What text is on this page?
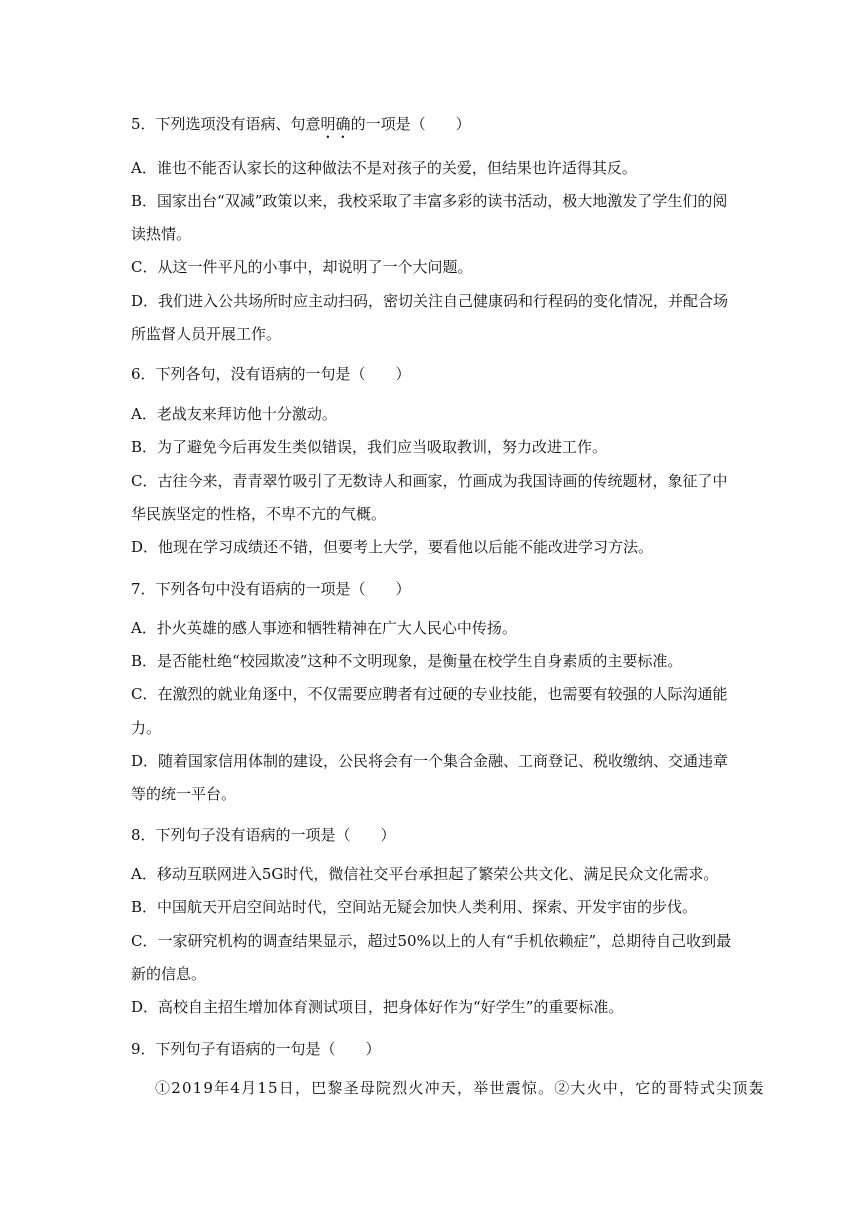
5．下列选项没有语病、句意明确的一项是（　　）
A．谁也不能否认家长的这种做法不是对孩子的关爱，但结果也许适得其反。
B．国家出台“双减”政策以来，我校采取了丰富多彩的读书活动，极大地激发了学生们的阅
读热情。
C．从这一件平凡的小事中，却说明了一个大问题。
D．我们进入公共场所时应主动扫码，密切关注自己健康码和行程码的变化情况，并配合场
所监督人员开展工作。
6．下列各句，没有语病的一句是（　　）
A．老战友来拜访他十分激动。
B．为了避免今后再发生类似错误，我们应当吸取教训，努力改进工作。
C．古往今来，青青翠竹吸引了无数诗人和画家，竹画成为我国诗画的传统题材，象征了中
华民族坚定的性格，不卑不亢的气概。
D．他现在学习成绩还不错，但要考上大学，要看他以后能不能改进学习方法。
7．下列各句中没有语病的一项是（　　）
A．扑火英雄的感人事迹和牺牲精神在广大人民心中传扬。
B．是否能杜绝“校园欺凌”这种不文明现象，是衡量在校学生自身素质的主要标准。
C．在激烈的就业角逐中，不仅需要应聘者有过硬的专业技能，也需要有较强的人际沟通能
力。
D．随着国家信用体制的建设，公民将会有一个集合金融、工商登记、税收缴纳、交通违章
等的统一平台。
8．下列句子没有语病的一项是（　　）
A．移动互联网进入5G时代，微信社交平台承担起了繁荣公共文化、满足民众文化需求。
B．中国航天开启空间站时代，空间站无疑会加快人类利用、探索、开发宇宙的步伐。
C．一家研究机构的调查结果显示，超过50%以上的人有“手机依赖症”，总期待自己收到最
新的信息。
D．高校自主招生增加体育测试项目，把身体好作为“好学生”的重要标准。
9．下列句子有语病的一句是（　　）
①2019年4月15日，巴黎圣母院烈火冲天，举世震惊。②大火中，它的哥特式尖顶轰
